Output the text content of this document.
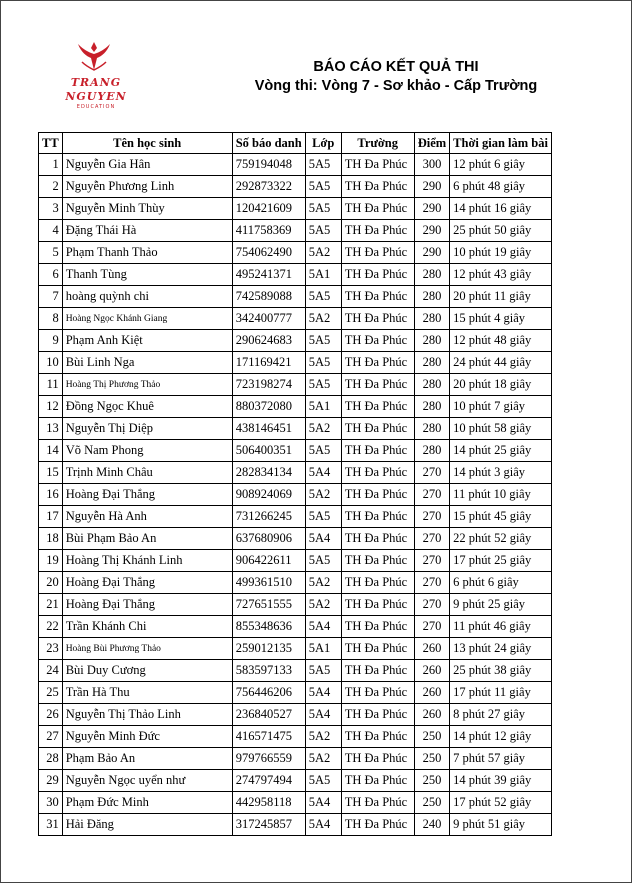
TRANG
NGUYEN
EDUCATION
BÁO CÁO KẾT QUẢ THI
Vòng thi: Vòng 7 - Sơ khảo - Cấp Trường
TT	Tên học sinh	Số báo danh	Lớp	Trường	Điểm	Thời gian làm bài
1	Nguyễn Gia Hân	759194048	5A5	TH Đa Phúc	300	12 phút 6 giây
2	Nguyễn Phương Linh	292873322	5A5	TH Đa Phúc	290	6 phút 48 giây
3	Nguyễn Minh Thùy	120421609	5A5	TH Đa Phúc	290	14 phút 16 giây
4	Đặng Thái Hà	411758369	5A5	TH Đa Phúc	290	25 phút 50 giây
5	Phạm Thanh Thảo	754062490	5A2	TH Đa Phúc	290	10 phút 19 giây
6	Thanh Tùng	495241371	5A1	TH Đa Phúc	280	12 phút 43 giây
7	hoàng quỳnh chi	742589088	5A5	TH Đa Phúc	280	20 phút 11 giây
8	Hoàng Ngọc Khánh Giang	342400777	5A2	TH Đa Phúc	280	15 phút 4 giây
9	Phạm Anh Kiệt	290624683	5A5	TH Đa Phúc	280	12 phút 48 giây
10	Bùi Linh Nga	171169421	5A5	TH Đa Phúc	280	24 phút 44 giây
11	Hoàng Thị Phương Thảo	723198274	5A5	TH Đa Phúc	280	20 phút 18 giây
12	Đồng Ngọc Khuê	880372080	5A1	TH Đa Phúc	280	10 phút 7 giây
13	Nguyễn Thị Diệp	438146451	5A2	TH Đa Phúc	280	10 phút 58 giây
14	Võ Nam Phong	506400351	5A5	TH Đa Phúc	280	14 phút 25 giây
15	Trịnh Minh Châu	282834134	5A4	TH Đa Phúc	270	14 phút 3 giây
16	Hoàng Đại Thắng	908924069	5A2	TH Đa Phúc	270	11 phút 10 giây
17	Nguyễn Hà Anh	731266245	5A5	TH Đa Phúc	270	15 phút 45 giây
18	Bùi Phạm Bảo An	637680906	5A4	TH Đa Phúc	270	22 phút 52 giây
19	Hoàng Thị Khánh Linh	906422611	5A5	TH Đa Phúc	270	17 phút 25 giây
20	Hoàng Đại Thắng	499361510	5A2	TH Đa Phúc	270	6 phút 6 giây
21	Hoàng Đại Thắng	727651555	5A2	TH Đa Phúc	270	9 phút 25 giây
22	Trần Khánh Chi	855348636	5A4	TH Đa Phúc	270	11 phút 46 giây
23	Hoàng Bùi Phương Thảo	259012135	5A1	TH Đa Phúc	260	13 phút 24 giây
24	Bùi Duy Cương	583597133	5A5	TH Đa Phúc	260	25 phút 38 giây
25	Trần Hà Thu	756446206	5A4	TH Đa Phúc	260	17 phút 11 giây
26	Nguyễn Thị Thảo Linh	236840527	5A4	TH Đa Phúc	260	8 phút 27 giây
27	Nguyễn Minh Đức	416571475	5A2	TH Đa Phúc	250	14 phút 12 giây
28	Phạm Bảo An	979766559	5A2	TH Đa Phúc	250	7 phút 57 giây
29	Nguyễn Ngọc uyển như	274797494	5A5	TH Đa Phúc	250	14 phút 39 giây
30	Phạm Đức Minh	442958118	5A4	TH Đa Phúc	250	17 phút 52 giây
31	Hải Đăng	317245857	5A4	TH Đa Phúc	240	9 phút 51 giây
